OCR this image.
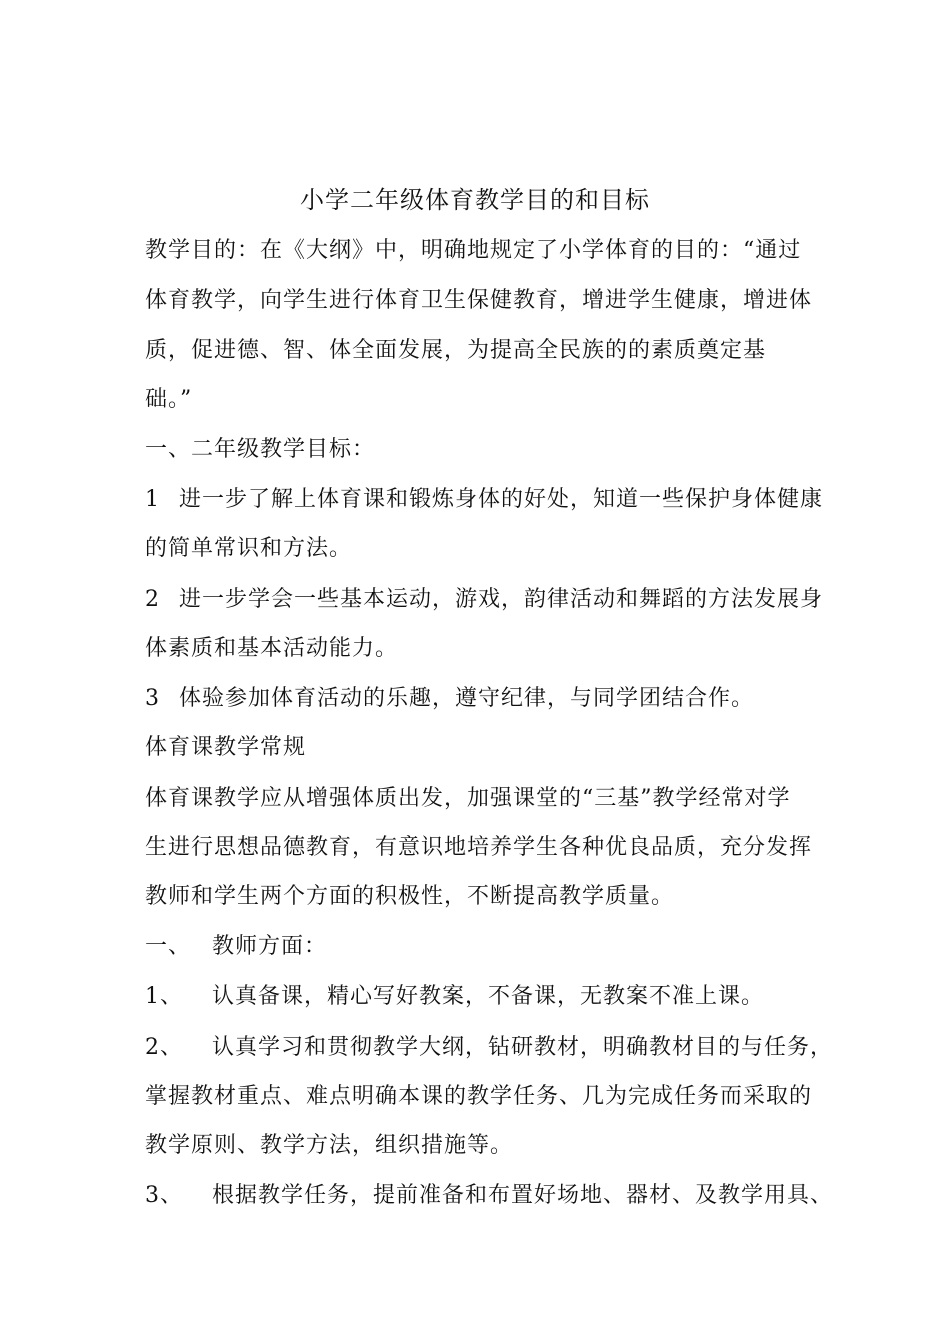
小学二年级体育教学目的和目标
教学目的：在《大纲》中，明确地规定了小学体育的目的：“通过
体育教学，向学生进行体育卫生保健教育，增进学生健康，增进体
质，促进德、智、体全面发展，为提高全民族的的素质奠定基
础。”
一、二年级教学目标：
1 进一步了解上体育课和锻炼身体的好处，知道一些保护身体健康
的简单常识和方法。
2 进一步学会一些基本运动，游戏，韵律活动和舞蹈的方法发展身
体素质和基本活动能力。
3 体验参加体育活动的乐趣，遵守纪律，与同学团结合作。
体育课教学常规
体育课教学应从增强体质出发，加强课堂的“三基”教学经常对学
生进行思想品德教育，有意识地培养学生各种优良品质，充分发挥
教师和学生两个方面的积极性，不断提高教学质量。
一、 教师方面：
1、 认真备课，精心写好教案，不备课，无教案不准上课。
2、 认真学习和贯彻教学大纲，钻研教材，明确教材目的与任务，
掌握教材重点、难点明确本课的教学任务、几为完成任务而采取的
教学原则、教学方法，组织措施等。
3、 根据教学任务，提前准备和布置好场地、器材、及教学用具、
